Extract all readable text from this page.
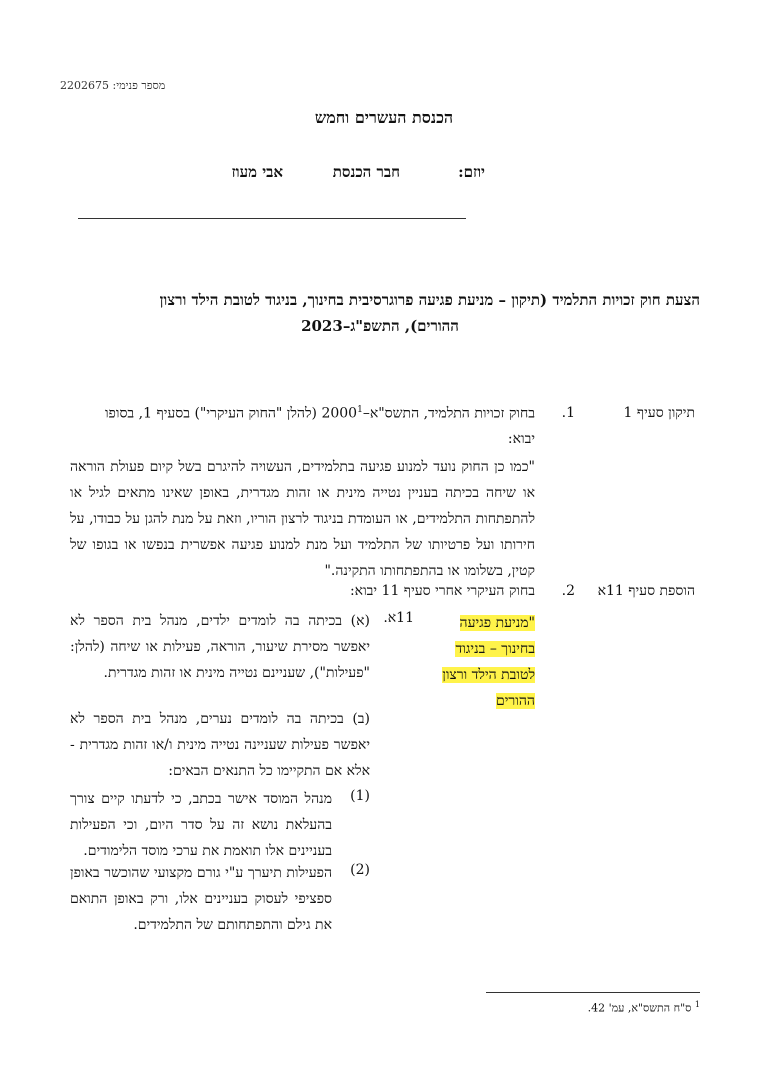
מספר פנימי: 2202675
הכנסת העשרים וחמש
יוזם:
חבר הכנסת
אבי מעוז
הצעת חוק זכויות התלמיד (תיקון – מניעת פגיעה פרוגרסיבית בחינוך, בניגוד לטובת הילד ורצון
ההורים), התשפ"ג–2023
תיקון סעיף 1
1.
בחוק זכויות התלמיד, התשס"א–2000$^1$ (להלן "החוק העיקרי") בסעיף 1, בסופו
יבוא:
"כמו כן החוק נועד למנוע פגיעה בתלמידים, העשויה להיגרם בשל קיום פעולת הוראה או שיחה בכיתה בעניין נטייה מינית או זהות מגדרית, באופן שאינו מתאים לגיל או להתפתחות התלמידים, או העומדת בניגוד לרצון הוריו, וזאת על מנת להגן על כבודו, על חירותו ועל פרטיותו של התלמיד ועל מנת למנוע פגיעה אפשרית בנפשו או בגופו של קטין, בשלומו או בהתפתחותו התקינה."
הוספת סעיף 11א
2.
בחוק העיקרי אחרי סעיף 11 יבוא:
"מניעת פגיעה
בחינוך – בניגוד
לטובת הילד ורצון
ההורים
11א.
(א) בכיתה בה לומדים ילדים, מנהל בית הספר לא יאפשר מסירת שיעור, הוראה, פעילות או שיחה (להלן: "פעילות"), שעניינם נטייה מינית או זהות מגדרית.
(ב) בכיתה בה לומדים נערים, מנהל בית הספר לא יאפשר פעילות שעניינה נטייה מינית ו/או זהות מגדרית - אלא אם התקיימו כל התנאים הבאים:
(1)
מנהל המוסד אישר בכתב, כי לדעתו קיים צורך בהעלאת נושא זה על סדר היום, וכי הפעילות בעניינים אלו תואמת את ערכי מוסד הלימודים.
(2)
הפעילות תיערך ע"י גורם מקצועי שהוכשר באופן ספציפי לעסוק בעניינים אלו, ורק באופן התואם את גילם והתפתחותם של התלמידים.
$^1$ ס"ח התשס"א, עמ' 42.
